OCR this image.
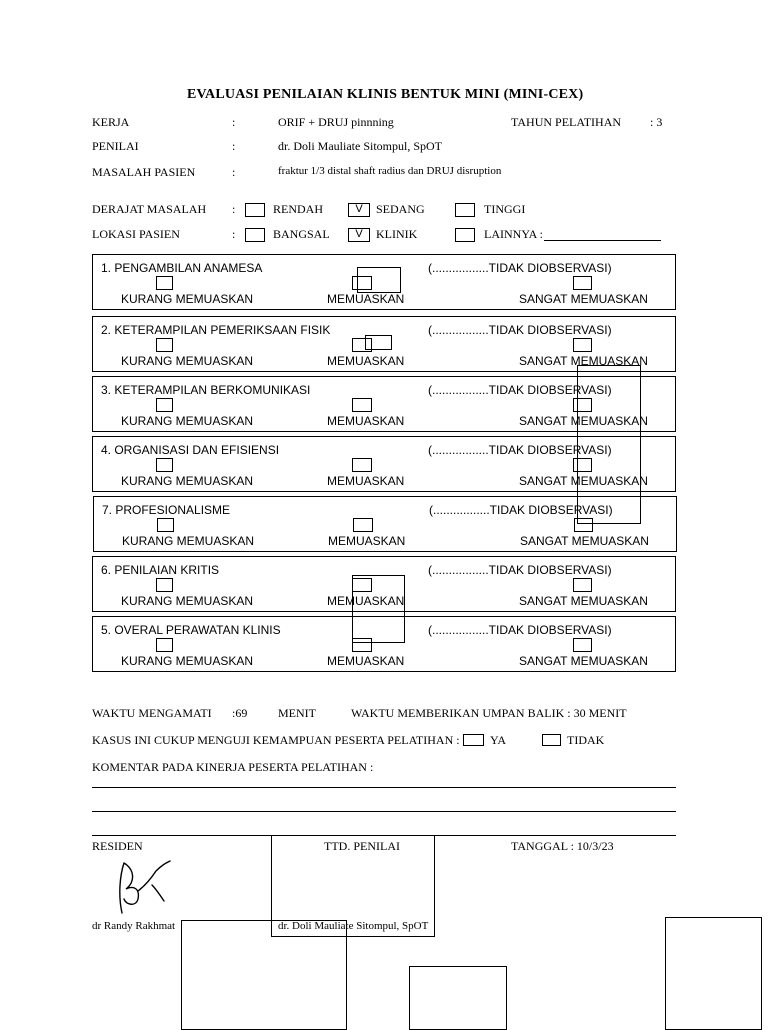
EVALUASI PENILAIAN KLINIS BENTUK MINI (MINI-CEX)
KERJA	:	ORIF + DRUJ pinnning	TAHUN PELATIHAN : 3
PENILAI	:	dr. Doli Mauliate Sitompul, SpOT
MASALAH PASIEN	:	fraktur 1/3 distal shaft radius dan DRUJ disruption
DERAJAT MASALAH :	RENDAH	V	SEDANG	TINGGI
LOKASI PASIEN	:	BANGSAL	V	KLINIK	LAINNYA :
1. PENGAMBILAN ANAMESA	(.................TIDAK DIOBSERVASI)
KURANG MEMUASKAN	MEMUASKAN	SANGAT MEMUASKAN
2. KETERAMPILAN PEMERIKSAAN FISIK	(.................TIDAK DIOBSERVASI)
KURANG MEMUASKAN	MEMUASKAN	SANGAT MEMUASKAN
3. KETERAMPILAN BERKOMUNIKASI	(.................TIDAK DIOBSERVASI)
KURANG MEMUASKAN	MEMUASKAN	SANGAT MEMUASKAN
4. ORGANISASI DAN EFISIENSI	(.................TIDAK DIOBSERVASI)
KURANG MEMUASKAN	MEMUASKAN	SANGAT MEMUASKAN
7. PROFESIONALISME	(.................TIDAK DIOBSERVASI)
KURANG MEMUASKAN	MEMUASKAN	SANGAT MEMUASKAN
6. PENILAIAN KRITIS	(.................TIDAK DIOBSERVASI)
KURANG MEMUASKAN	MEMUASKAN	SANGAT MEMUASKAN
5. OVERAL PERAWATAN KLINIS	(.................TIDAK DIOBSERVASI)
KURANG MEMUASKAN	MEMUASKAN	SANGAT MEMUASKAN
WAKTU MENGAMATI :69	MENIT	WAKTU MEMBERIKAN UMPAN BALIK : 30 MENIT
KASUS INI CUKUP MENGUJI KEMAMPUAN PESERTA PELATIHAN :	YA	TIDAK
KOMENTAR PADA KINERJA PESERTA PELATIHAN :
RESIDEN	TTD. PENILAI	TANGGAL : 10/3/23
dr Randy Rakhmat	dr. Doli Mauliate Sitompul, SpOT
